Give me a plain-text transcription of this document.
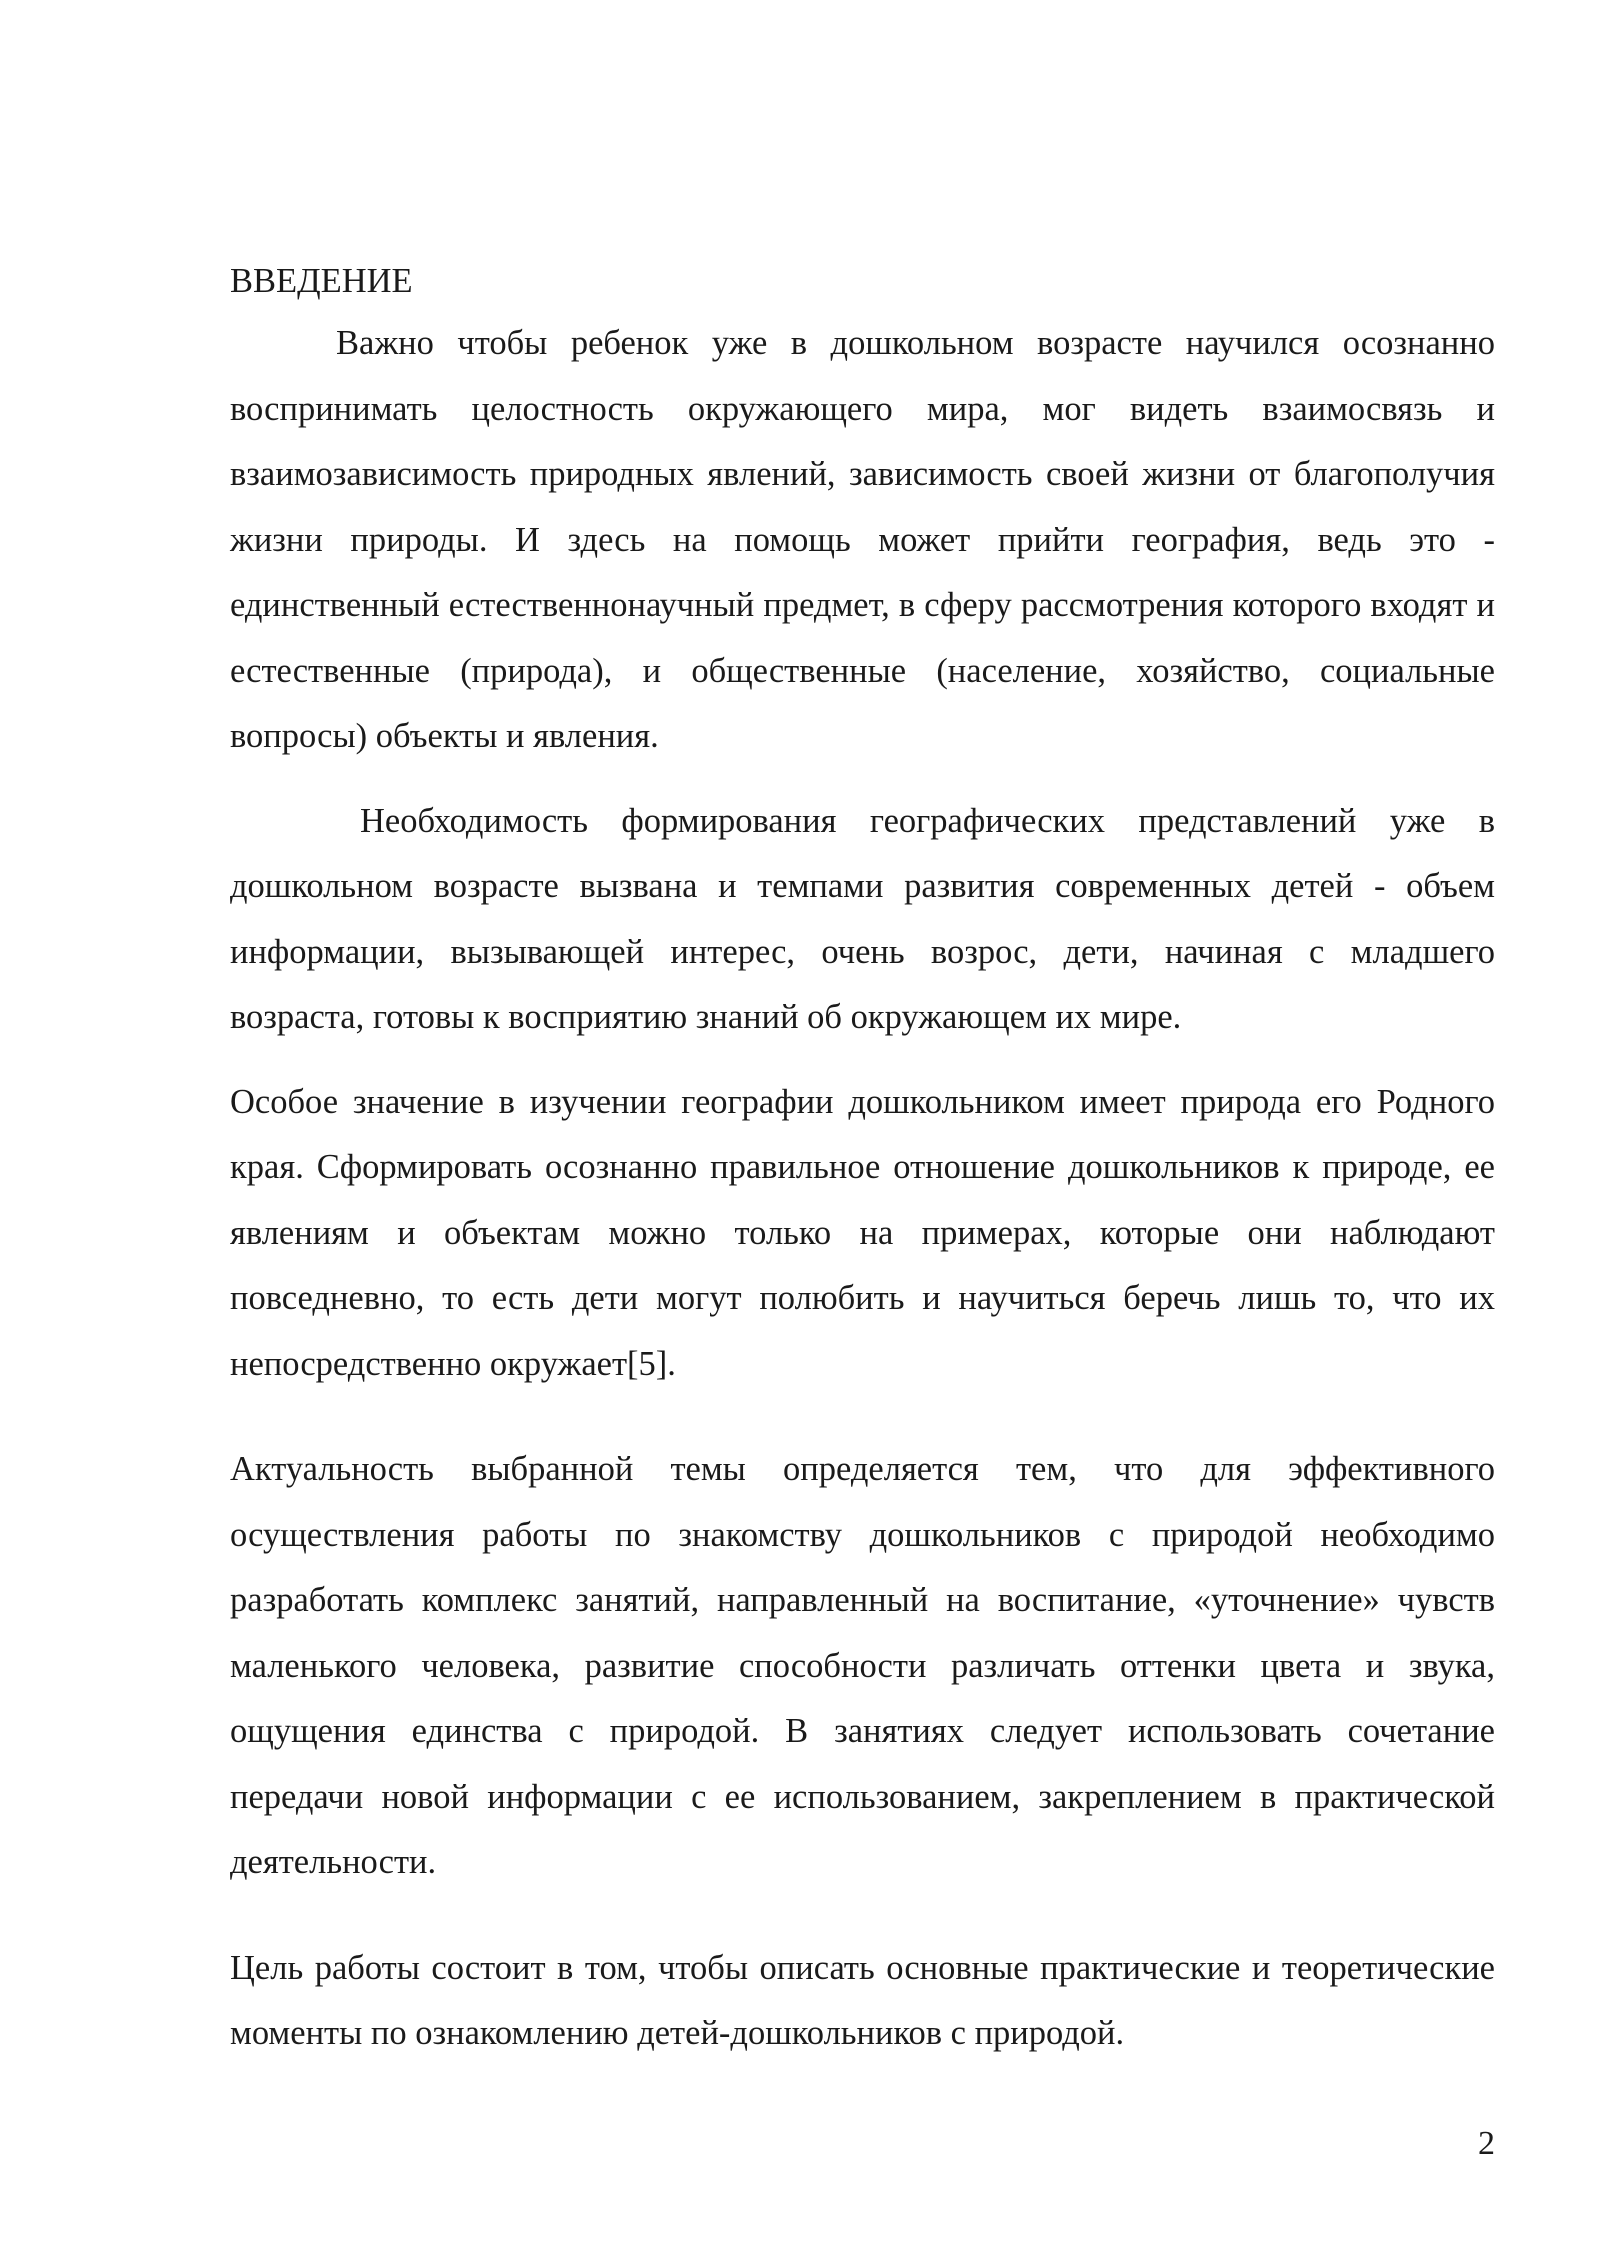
ВВЕДЕНИЕ

Важно чтобы ребенок уже в дошкольном возрасте научился осознанно воспринимать целостность окружающего мира, мог видеть взаимосвязь и взаимозависимость природных явлений, зависимость своей жизни от благополучия жизни природы. И здесь на помощь может прийти география, ведь это - единственный естественнонаучный предмет, в сферу рассмотрения которого входят и естественные (природа), и общественные (население, хозяйство, социальные вопросы) объекты и явления.

Необходимость формирования географических представлений уже в дошкольном возрасте вызвана и темпами развития современных детей - объем информации, вызывающей интерес, очень возрос, дети, начиная с младшего возраста, готовы к восприятию знаний об окружающем их мире.

Особое значение в изучении географии дошкольником имеет природа его Родного края. Сформировать осознанно правильное отношение дошкольников к природе, ее явлениям и объектам можно только на примерах, которые они наблюдают повседневно, то есть дети могут полюбить и научиться беречь лишь то, что их непосредственно окружает[5].

Актуальность выбранной темы определяется тем, что для эффективного осуществления работы по знакомству дошкольников с природой необходимо разработать комплекс занятий, направленный на воспитание, «уточнение» чувств маленького человека, развитие способности различать оттенки цвета и звука, ощущения единства с природой. В занятиях следует использовать сочетание передачи новой информации с ее использованием, закреплением в практической деятельности.

Цель работы состоит в том, чтобы описать основные практические и теоретические моменты по ознакомлению детей-дошкольников с природой.

2
